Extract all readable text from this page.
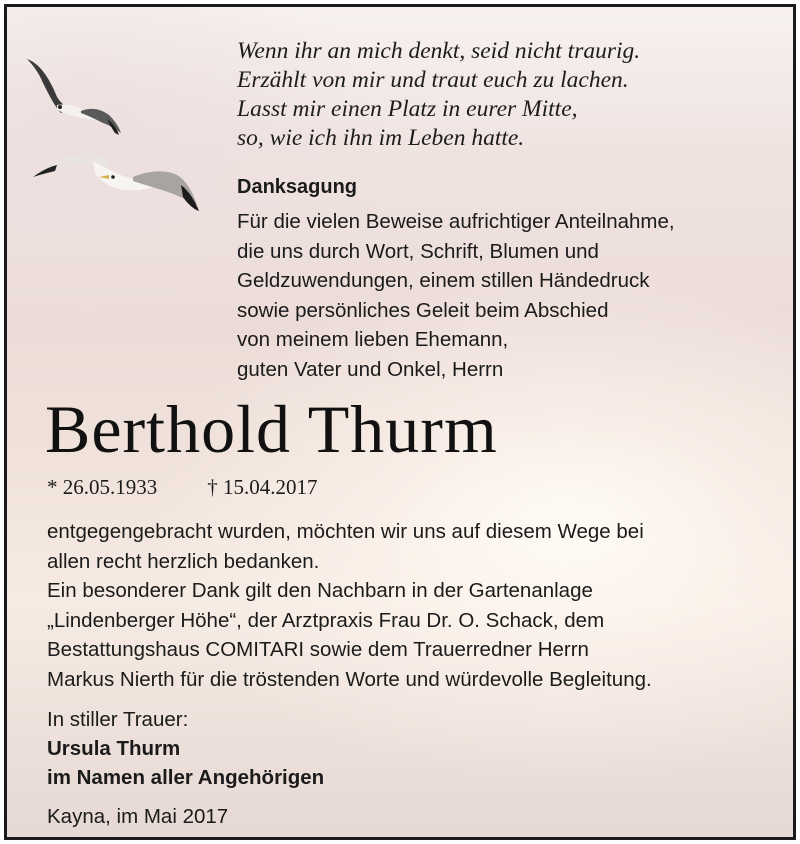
Wenn ihr an mich denkt, seid nicht traurig.
Erzählt von mir und traut euch zu lachen.
Lasst mir einen Platz in eurer Mitte,
so, wie ich ihn im Leben hatte.
Danksagung
Für die vielen Beweise aufrichtiger Anteilnahme,
die uns durch Wort, Schrift, Blumen und
Geldzuwendungen, einem stillen Händedruck
sowie persönliches Geleit beim Abschied
von meinem lieben Ehemann,
guten Vater und Onkel, Herrn
Berthold Thurm
* 26.05.1933 † 15.04.2017
entgegengebracht wurden, möchten wir uns auf diesem Wege bei
allen recht herzlich bedanken.
Ein besonderer Dank gilt den Nachbarn in der Gartenanlage
„Lindenberger Höhe“, der Arztpraxis Frau Dr. O. Schack, dem
Bestattungshaus COMITARI sowie dem Trauerredner Herrn
Markus Nierth für die tröstenden Worte und würdevolle Begleitung.
In stiller Trauer:
Ursula Thurm
im Namen aller Angehörigen
Kayna, im Mai 2017
